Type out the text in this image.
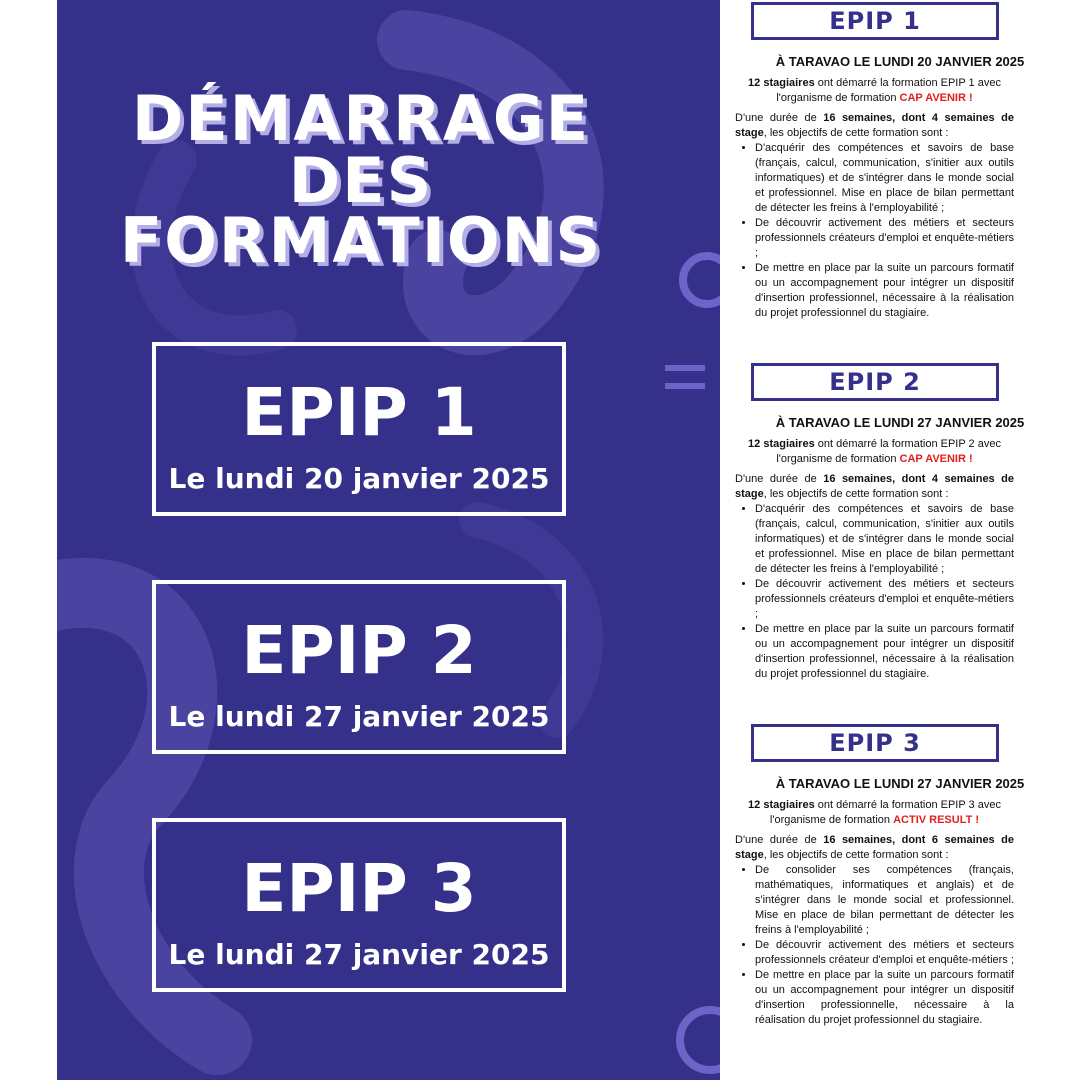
DÉMARRAGE DES
FORMATIONS
EPIP 1
Le lundi 20 janvier 2025
EPIP 2
Le lundi 27 janvier 2025
EPIP 3
Le lundi 27 janvier 2025
EPIP 1
À TARAVAO LE LUNDI 20 JANVIER 2025
12 stagiaires ont démarré la formation EPIP 1 avec l'organisme de formation CAP AVENIR !
D'une durée de 16 semaines, dont 4 semaines de stage, les objectifs de cette formation sont :
• D'acquérir des compétences et savoirs de base (français, calcul, communication, s'initier aux outils informatiques) et de s'intégrer dans le monde social et professionnel. Mise en place de bilan permettant de détecter les freins à l'employabilité ;
• De découvrir activement des métiers et secteurs professionnels créateurs d'emploi et enquête-métiers ;
• De mettre en place par la suite un parcours formatif ou un accompagnement pour intégrer un dispositif d'insertion professionnel, nécessaire à la réalisation du projet professionnel du stagiaire.
EPIP 2
À TARAVAO LE LUNDI 27 JANVIER 2025
12 stagiaires ont démarré la formation EPIP 2 avec l'organisme de formation CAP AVENIR !
D'une durée de 16 semaines, dont 4 semaines de stage, les objectifs de cette formation sont :
• D'acquérir des compétences et savoirs de base (français, calcul, communication, s'initier aux outils informatiques) et de s'intégrer dans le monde social et professionnel. Mise en place de bilan permettant de détecter les freins à l'employabilité ;
• De découvrir activement des métiers et secteurs professionnels créateurs d'emploi et enquête-métiers ;
• De mettre en place par la suite un parcours formatif ou un accompagnement pour intégrer un dispositif d'insertion professionnel, nécessaire à la réalisation du projet professionnel du stagiaire.
EPIP 3
À TARAVAO LE LUNDI 27 JANVIER 2025
12 stagiaires ont démarré la formation EPIP 3 avec l'organisme de formation ACTIV RESULT !
D'une durée de 16 semaines, dont 6 semaines de stage, les objectifs de cette formation sont :
• De consolider ses compétences (français, mathématiques, informatiques et anglais) et de s'intégrer dans le monde social et professionnel. Mise en place de bilan permettant de détecter les freins à l'employabilité ;
• De découvrir activement des métiers et secteurs professionnels créateur d'emploi et enquête-métiers ;
• De mettre en place par la suite un parcours formatif ou un accompagnement pour intégrer un dispositif d'insertion professionnelle, nécessaire à la réalisation du projet professionnel du stagiaire.
